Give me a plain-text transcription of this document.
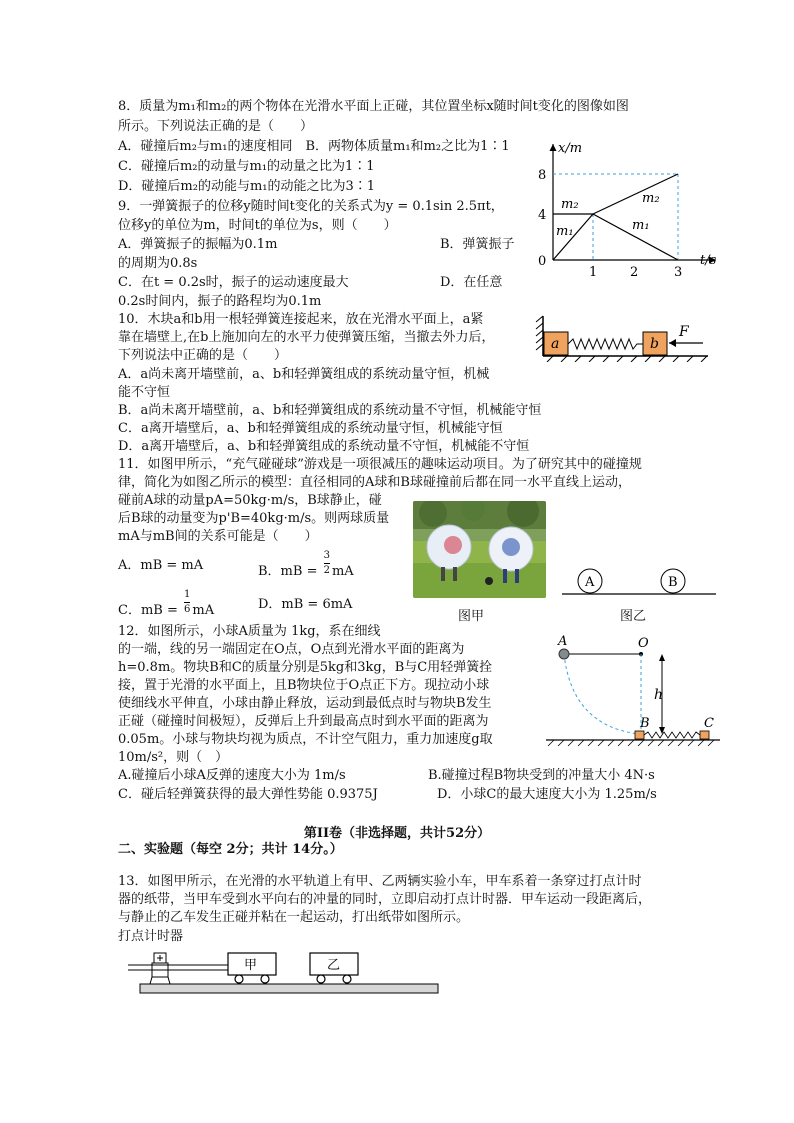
8．质量为m₁和m₂的两个物体在光滑水平面上正碰，其位置坐标x随时间t变化的图像如图
所示。下列说法正确的是（　　）
A．碰撞后m₂与m₁的速度相同　B．两物体质量m₁和m₂之比为1∶1
C．碰撞后m₂的动量与m₁的动量之比为1∶1
D．碰撞后m₂的动能与m₁的动能之比为3∶1
x/m
t/s
8
4
0
1	2	3
m₂
m₁
m₂
m₁
9．一弹簧振子的位移y随时间t变化的关系式为y = 0.1sin 2.5πt，
位移y的单位为m，时间t的单位为s，则（　　）
A．弹簧振子的振幅为0.1m	B．弹簧振子
的周期为0.8s
C．在t = 0.2s时，振子的运动速度最大	D．在任意
0.2s时间内，振子的路程均为0.1m
10．木块a和b用一根轻弹簧连接起来，放在光滑水平面上，a紧
靠在墙壁上,在b上施加向左的水平力使弹簧压缩，当撤去外力后，
下列说法中正确的是（　　）
A．a尚未离开墙壁前，a、b和轻弹簧组成的系统动量守恒，机械
能不守恒
B．a尚未离开墙壁前，a、b和轻弹簧组成的系统动量不守恒，机械能守恒
C．a离开墙壁后，a、b和轻弹簧组成的系统动量守恒，机械能守恒
D．a离开墙壁后，a、b和轻弹簧组成的系统动量不守恒，机械能不守恒
a	b
F
11．如图甲所示，“充气碰碰球”游戏是一项很减压的趣味运动项目。为了研究其中的碰撞规
律，简化为如图乙所示的模型：直径相同的A球和B球碰撞前后都在同一水平直线上运动，
碰前A球的动量pA=50kg·m/s，B球静止，碰
后B球的动量变为p'B=40kg·m/s。则两球质量
mA与mB间的关系可能是（　　）
A．mB = mA	B．mB = $\frac{3}{2}$ mA
C．mB = $\frac{1}{6}$ mA	D．mB = 6mA
图甲
A	B
图乙
12．如图所示，小球A质量为 1kg，系在细线
的一端，线的另一端固定在O点，O点到光滑水平面的距离为
h=0.8m。物块B和C的质量分别是5kg和3kg，B与C用轻弹簧拴
接，置于光滑的水平面上，且B物块位于O点正下方。现拉动小球
使细线水平伸直，小球由静止释放，运动到最低点时与物块B发生
正碰（碰撞时间极短），反弹后上升到最高点时到水平面的距离为
0.05m。小球与物块均视为质点，不计空气阻力，重力加速度g取
10m/s²，则（　）
A.碰撞后小球A反弹的速度大小为 1m/s	B.碰撞过程B物块受到的冲量大小 4N·s
C．碰后轻弹簧获得的最大弹性势能 0.9375J	D．小球C的最大速度大小为 1.25m/s
h
A	O
B	C
第II卷（非选择题，共计52分）
二、实验题（每空 2分；共计 14分。）
13．如图甲所示，在光滑的水平轨道上有甲、乙两辆实验小车，甲车系着一条穿过打点计时
器的纸带，当甲车受到水平向右的冲量的同时，立即启动打点计时器．甲车运动一段距离后，
与静止的乙车发生正碰并粘在一起运动，打出纸带如图所示。
打点计时器
甲	乙
